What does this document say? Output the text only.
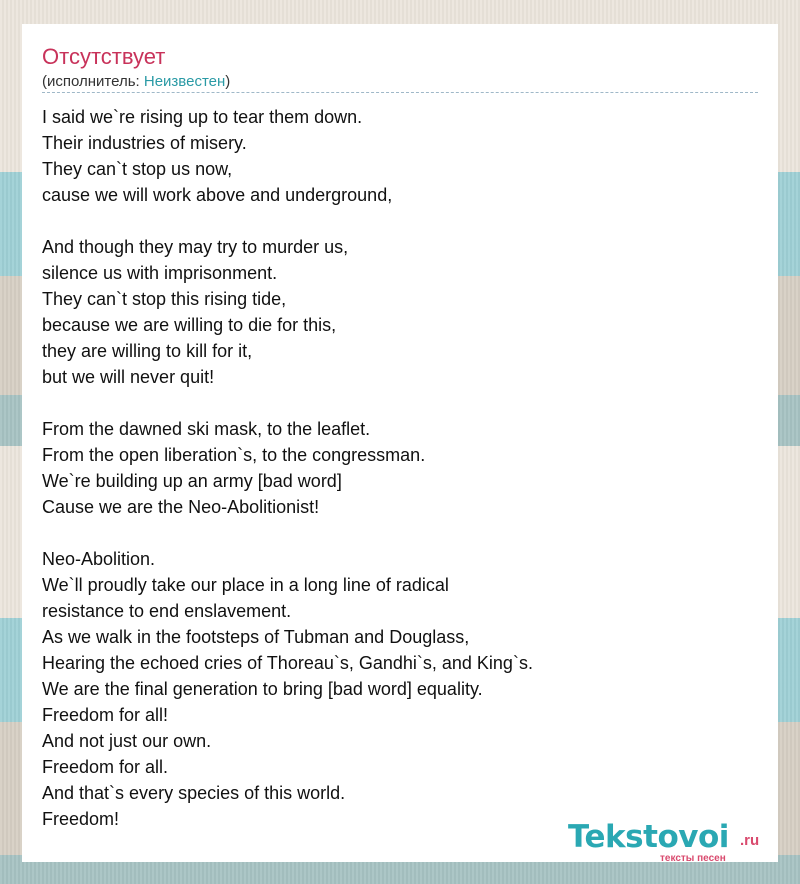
Отсутствует
(исполнитель: Неизвестен)
I said we`re rising up to tear them down.
Their industries of misery.
They can`t stop us now,
cause we will work above and underground,
And though they may try to murder us,
silence us with imprisonment.
They can`t stop this rising tide,
because we are willing to die for this,
they are willing to kill for it,
but we will never quit!
From the dawned ski mask, to the leaflet.
From the open liberation`s, to the congressman.
We`re building up an army [bad word]
Cause we are the Neo-Abolitionist!
Neo-Abolition.
We`ll proudly take our place in a long line of radical
resistance to end enslavement.
As we walk in the footsteps of Tubman and Douglass,
Hearing the echoed cries of Thoreau`s, Gandhi`s, and King`s.
We are the final generation to bring [bad word] equality.
Freedom for all!
And not just our own.
Freedom for all.
And that`s every species of this world.
Freedom!	Tekstovoi .ru
тексты песен
